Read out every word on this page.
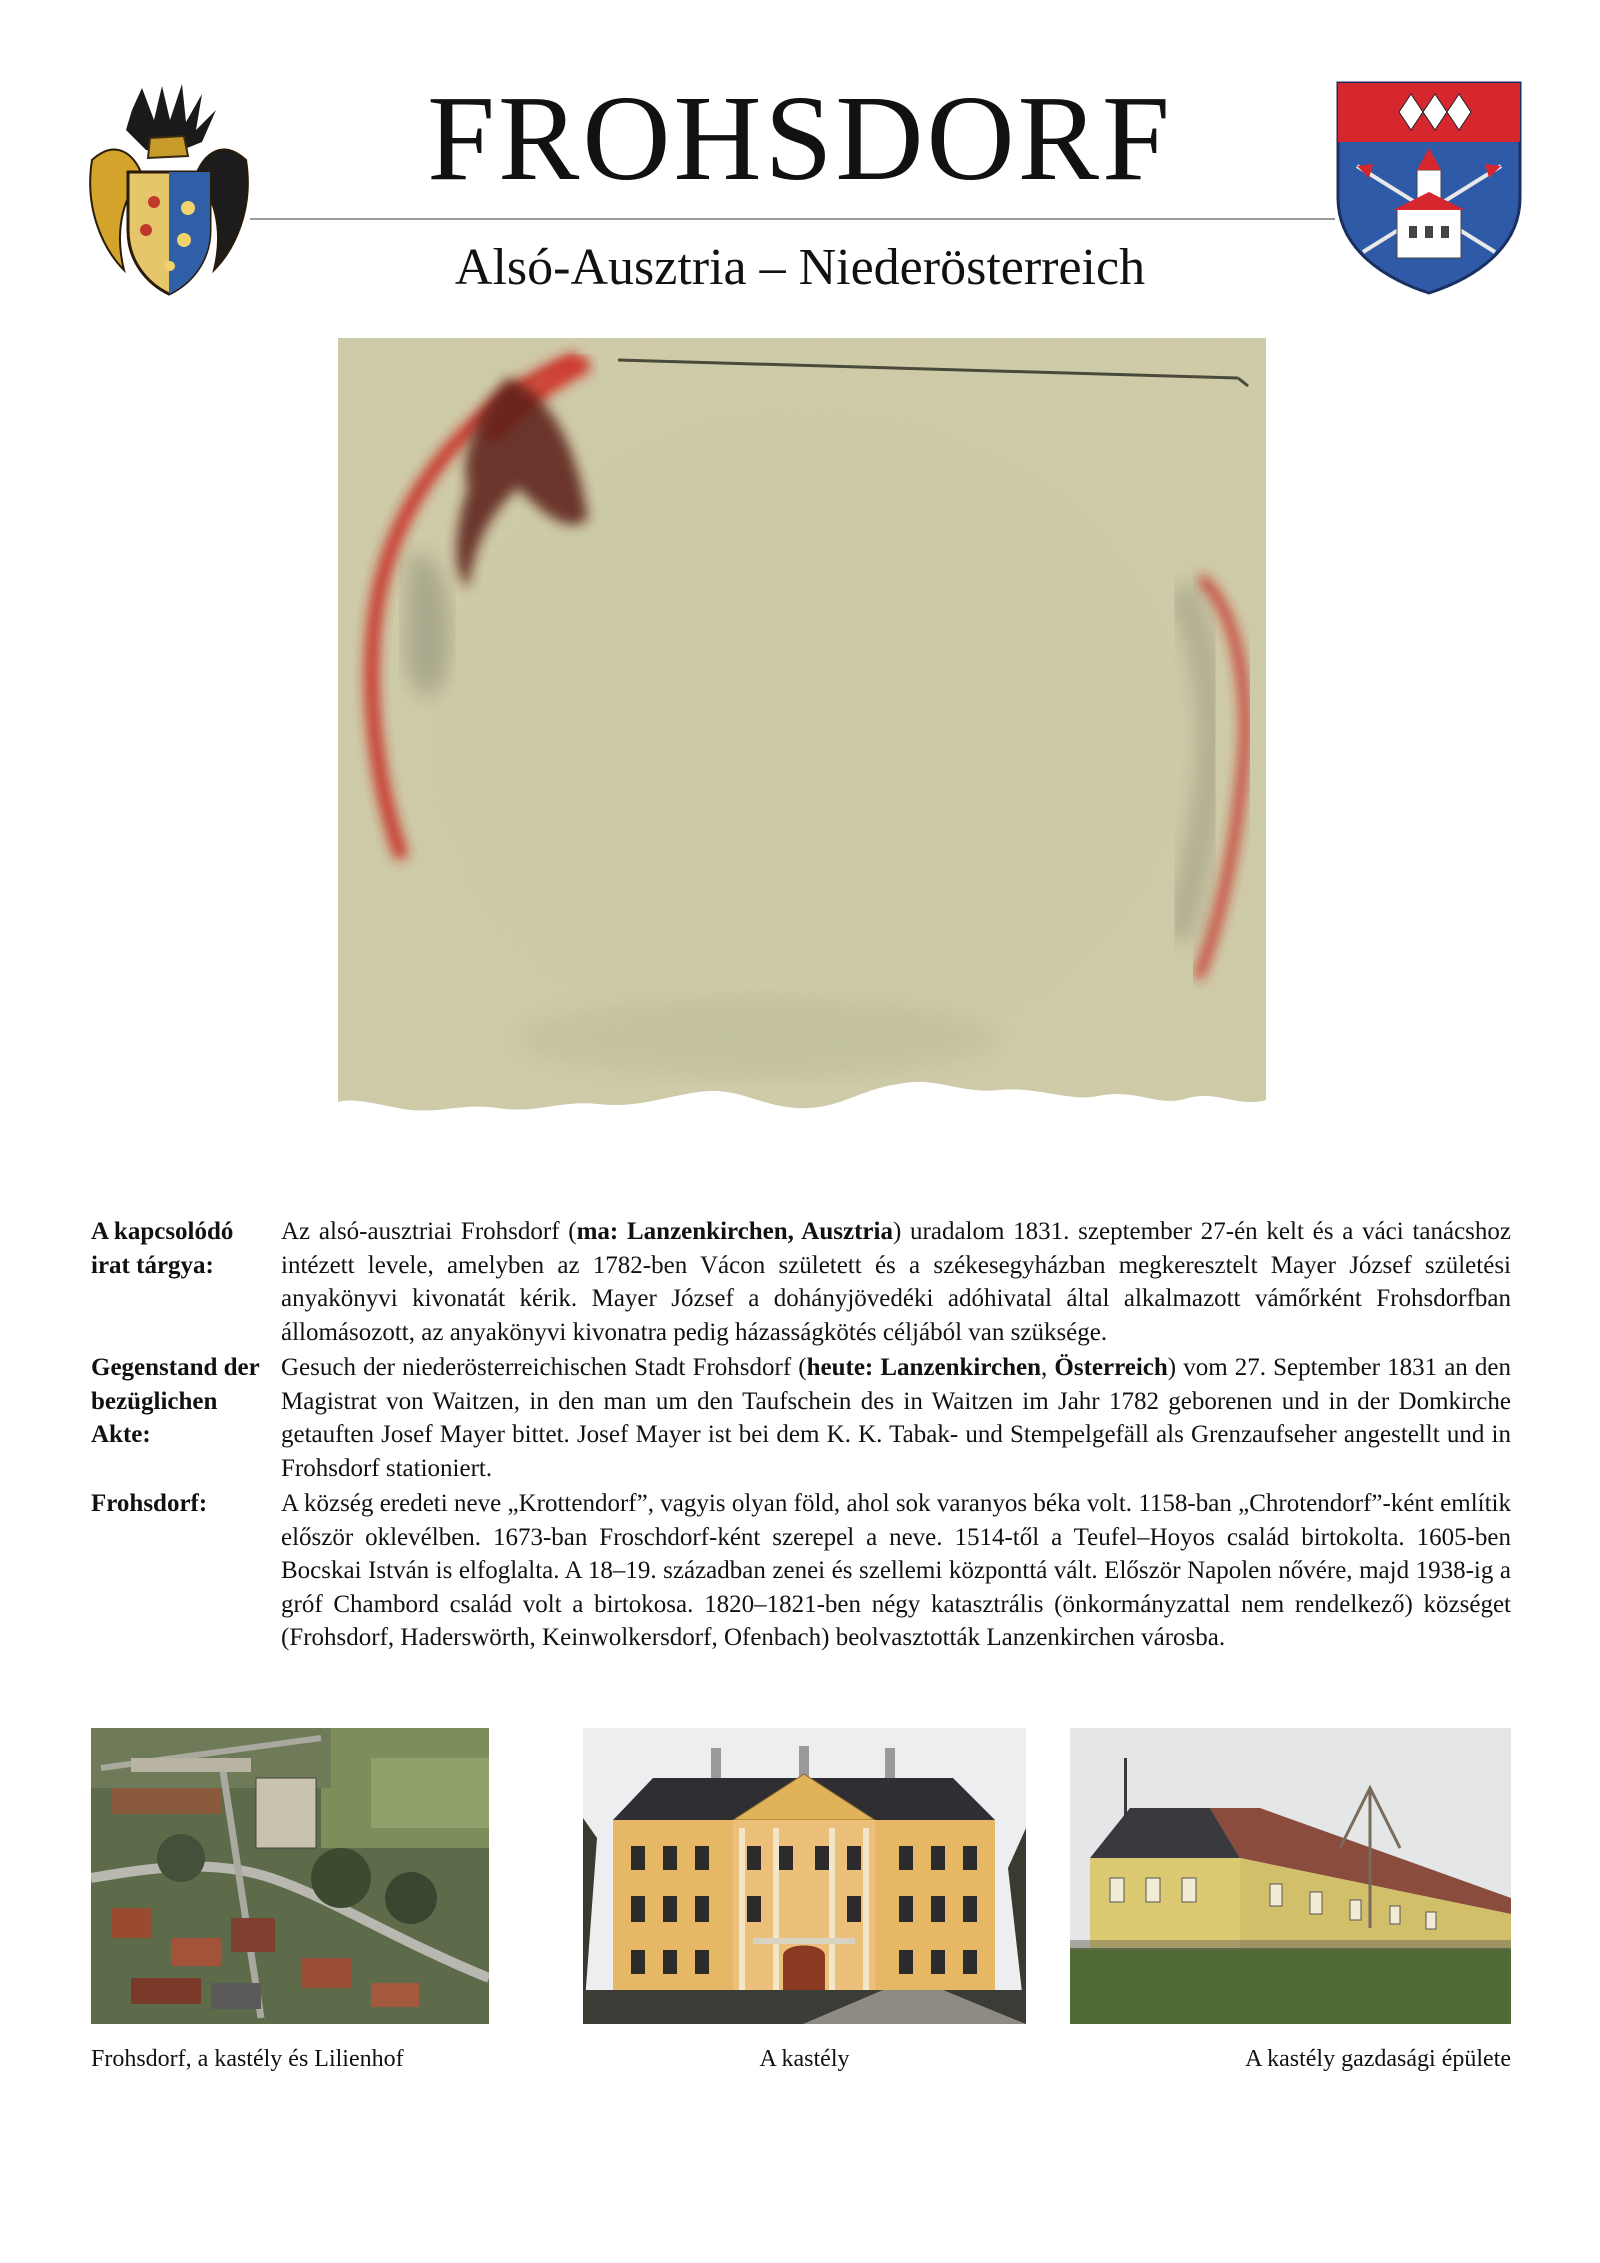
FROHSDORF
Alsó-Ausztria – Niederösterreich
A kapcsolódó irat tárgya:
Az alsó-ausztriai Frohsdorf (ma: Lanzenkirchen, Ausztria) uradalom 1831. szeptember 27-én kelt és a váci tanácshoz intézett levele, amelyben az 1782-ben Vácon született és a székesegyházban megkeresztelt Mayer József születési anyakönyvi kivonatát kérik. Mayer József a dohányjövedéki adóhivatal által alkalmazott vámőrként Frohsdorfban állomásozott, az anyakönyvi kivonatra pedig házasságkötés céljából van szüksége.
Gegenstand der bezüglichen Akte:
Gesuch der niederösterreichischen Stadt Frohsdorf (heute: Lanzenkirchen, Österreich) vom 27. September 1831 an den Magistrat von Waitzen, in den man um den Taufschein des in Waitzen im Jahr 1782 geborenen und in der Domkirche getauften Josef Mayer bittet. Josef Mayer ist bei dem K. K. Tabak- und Stempelgefäll als Grenzaufseher angestellt und in Frohsdorf stationiert.
Frohsdorf:	A község eredeti neve „Krottendorf”, vagyis olyan föld, ahol sok varanyos béka volt. 1158-ban „Chrotendorf”-ként említik először oklevélben. 1673-ban Froschdorf-ként szerepel a neve. 1514-től a Teufel–Hoyos család birtokolta. 1605-ben Bocskai István is elfoglalta. A 18–19. században zenei és szellemi központtá vált. Először Napolen nővére, majd 1938-ig a gróf Chambord család volt a birtokosa. 1820–1821-ben négy katasztrális (önkormányzattal nem rendelkező) községet (Frohsdorf, Haderswörth, Keinwolkersdorf, Ofenbach) beolvasztották Lanzenkirchen városba.
Frohsdorf, a kastély és Lilienhof	A kastély	A kastély gazdasági épülete
